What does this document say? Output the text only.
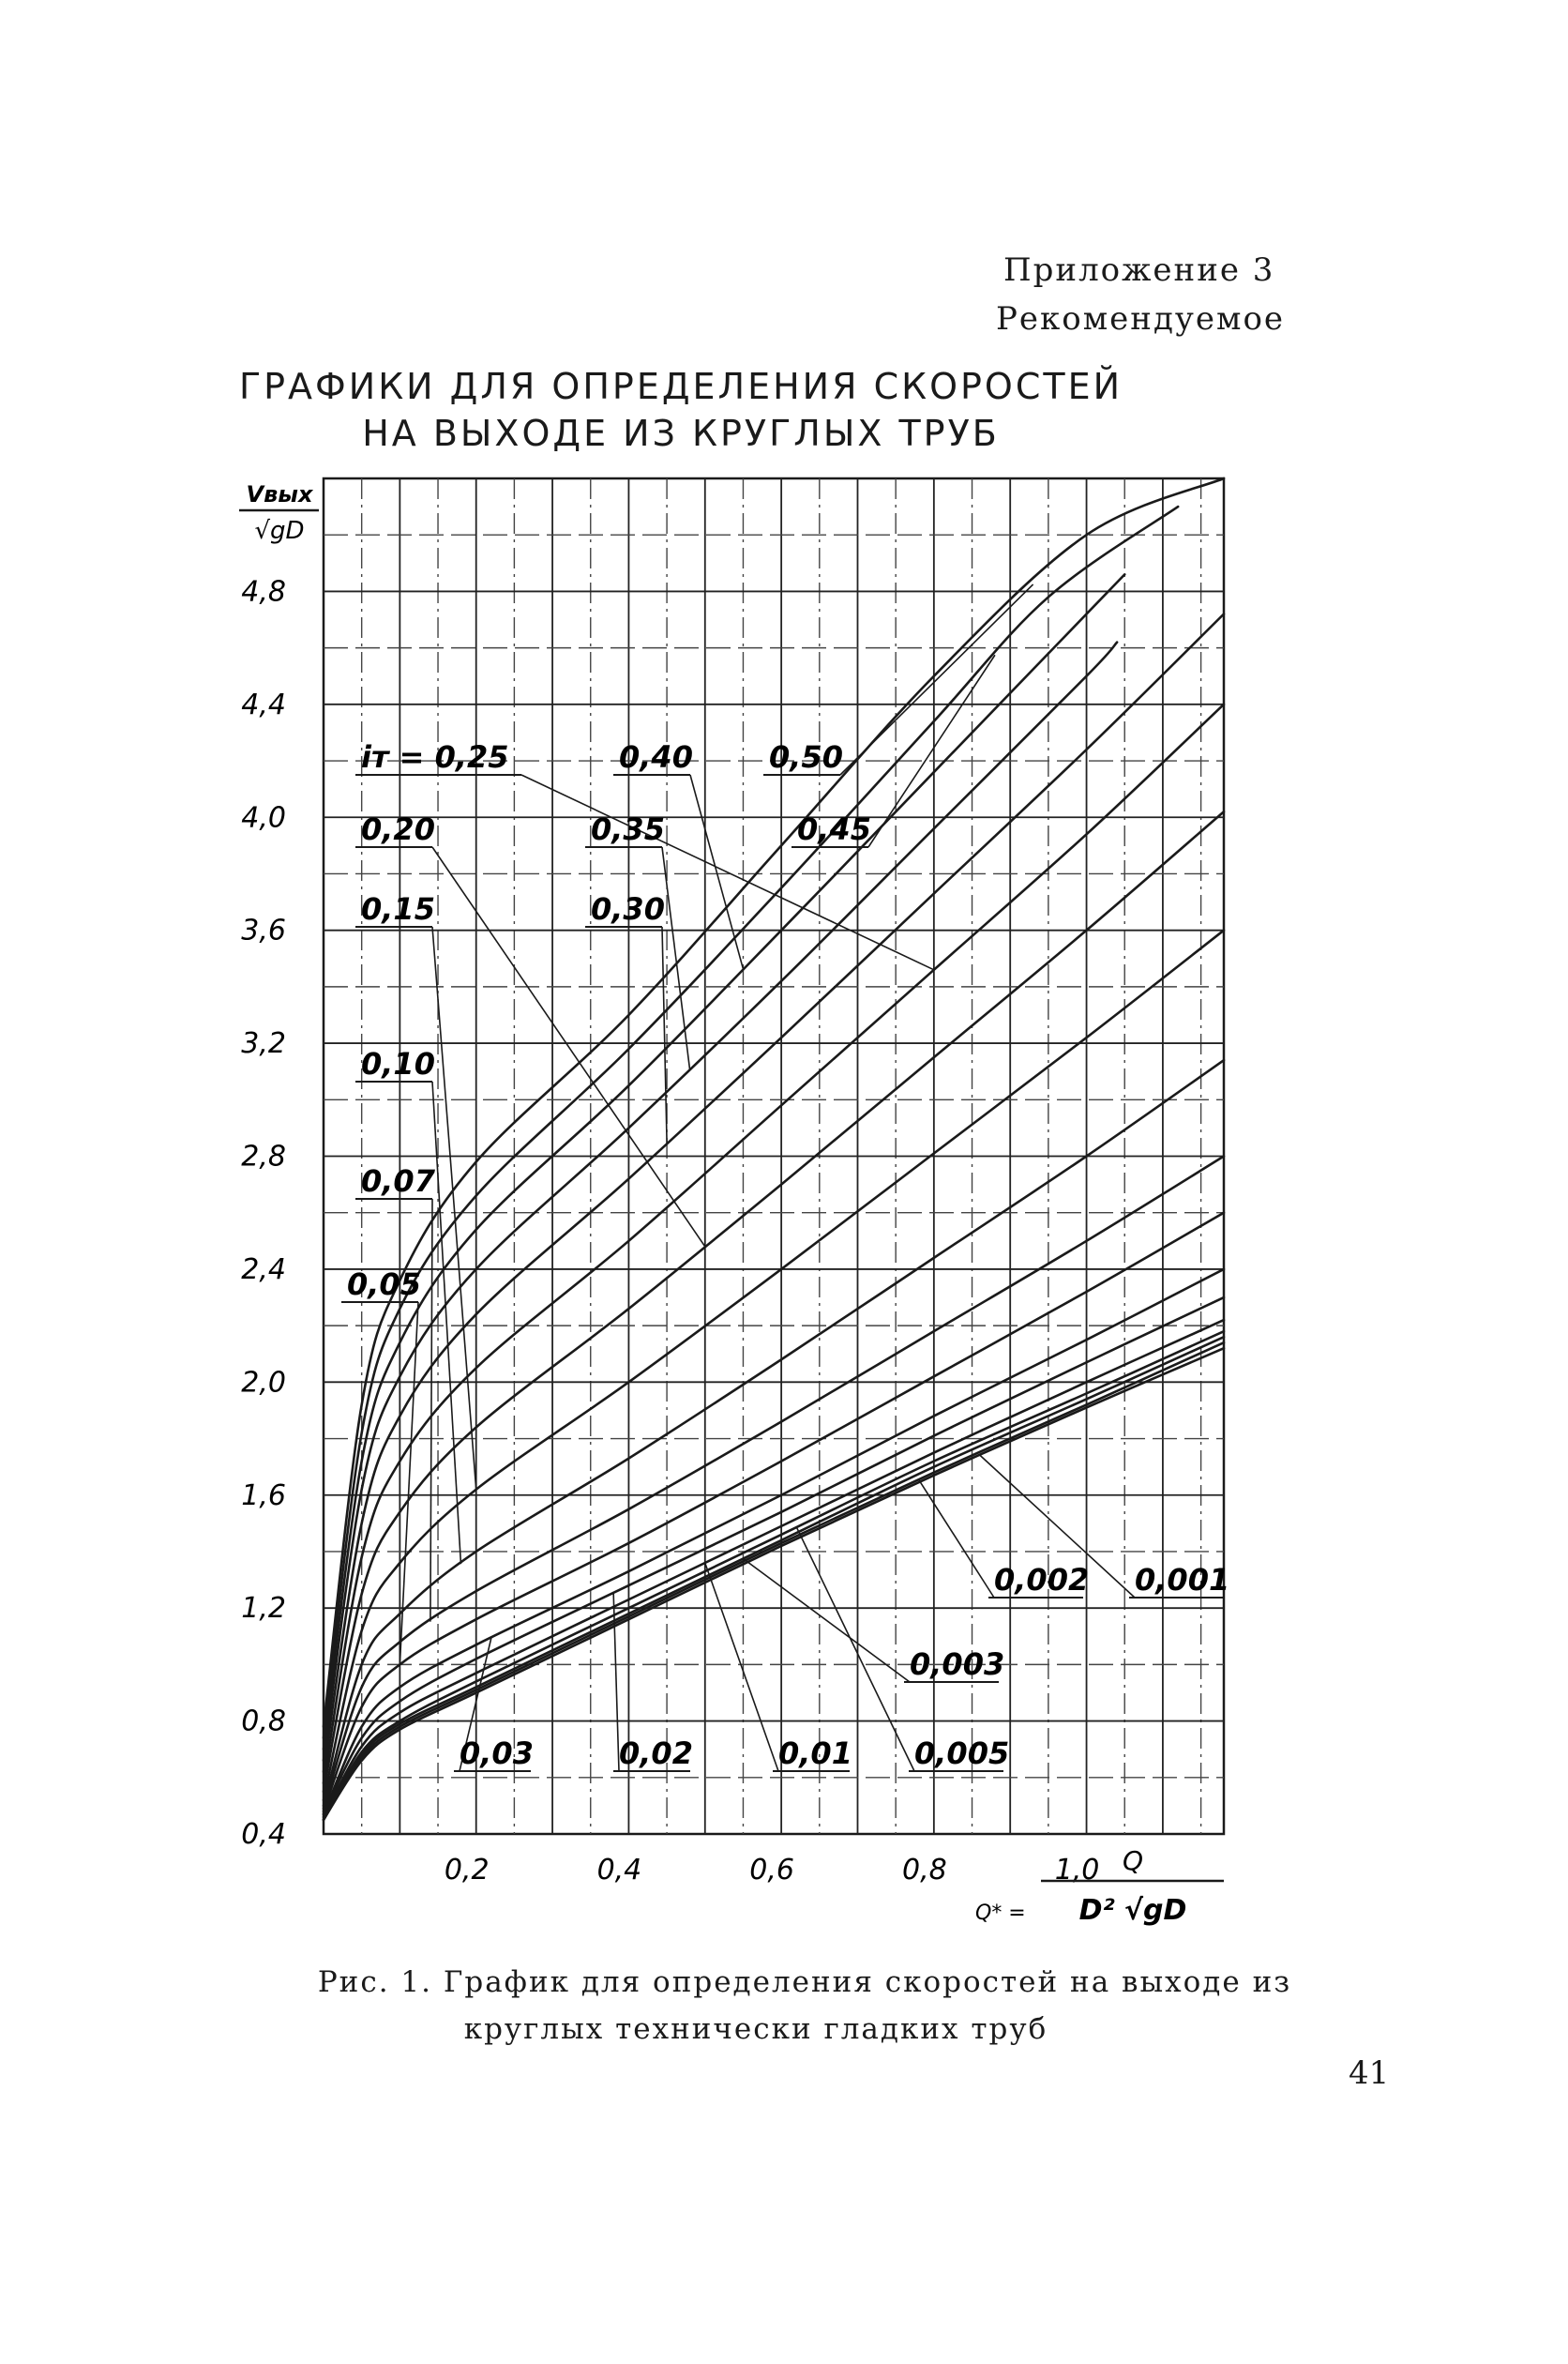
Приложение 3
Рекомендуемое
ГРАФИКИ ДЛЯ ОПРЕДЕЛЕНИЯ СКОРОСТЕЙ
НА ВЫХОДЕ ИЗ КРУГЛЫХ ТРУБ
iт = 0,25	0,40	0,50
0,20	0,35	0,45
0,15	0,30
0,10
0,07
0,05
0,002 0,001
0,003
0,03	0,02	0,01 0,005
0,2	0,4	0,6	0,8	1,0
0,4
0,8
1,2
1,6
2,0
2,4
2,8
3,2
3,6
4,0
4,4
4,8
Vвых
√gD
Q* =
Q
D² √gD
Рис. 1. График для определения скоростей на выходе из
круглых технически гладких труб
41
